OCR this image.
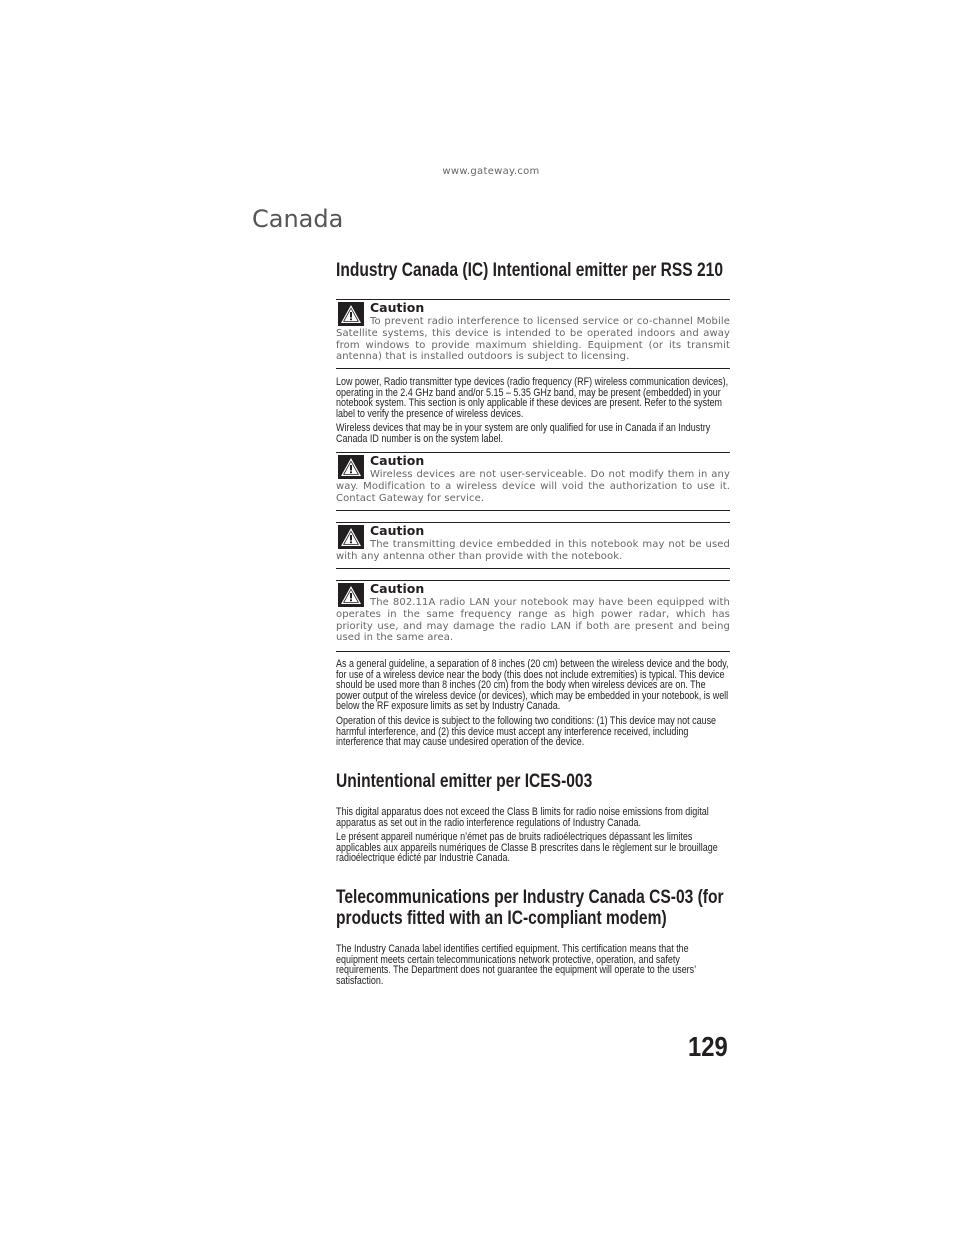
www.gateway.com
Canada
Industry Canada (IC) Intentional emitter per RSS 210
Caution
To prevent radio interference to licensed service or co-channel Mobile Satellite systems, this device is intended to be operated indoors and away from windows to provide maximum shielding. Equipment (or its transmit antenna) that is installed outdoors is subject to licensing.

Low power, Radio transmitter type devices (radio frequency (RF) wireless communication devices), operating in the 2.4 GHz band and/or 5.15 – 5.35 GHz band, may be present (embedded) in your notebook system. This section is only applicable if these devices are present. Refer to the system label to verify the presence of wireless devices.

Wireless devices that may be in your system are only qualified for use in Canada if an Industry Canada ID number is on the system label.

Caution
Wireless devices are not user-serviceable. Do not modify them in any way. Modification to a wireless device will void the authorization to use it. Contact Gateway for service.
Caution
The transmitting device embedded in this notebook may not be used with any antenna other than provide with the notebook.
Caution
The 802.11A radio LAN your notebook may have been equipped with operates in the same frequency range as high power radar, which has priority use, and may damage the radio LAN if both are present and being used in the same area.

As a general guideline, a separation of 8 inches (20 cm) between the wireless device and the body, for use of a wireless device near the body (this does not include extremities) is typical. This device should be used more than 8 inches (20 cm) from the body when wireless devices are on. The power output of the wireless device (or devices), which may be embedded in your notebook, is well below the RF exposure limits as set by Industry Canada.

Operation of this device is subject to the following two conditions: (1) This device may not cause harmful interference, and (2) this device must accept any interference received, including interference that may cause undesired operation of the device.

Unintentional emitter per ICES-003

This digital apparatus does not exceed the Class B limits for radio noise emissions from digital apparatus as set out in the radio interference regulations of Industry Canada.

Le présent appareil numérique n’émet pas de bruits radioélectriques dépassant les limites applicables aux appareils numériques de Classe B prescrites dans le règlement sur le brouillage radioélectrique édicté par Industrie Canada.

Telecommunications per Industry Canada CS-03 (for
products fitted with an IC-compliant modem)

The Industry Canada label identifies certified equipment. This certification means that the equipment meets certain telecommunications network protective, operation, and safety requirements. The Department does not guarantee the equipment will operate to the users’ satisfaction.

129
